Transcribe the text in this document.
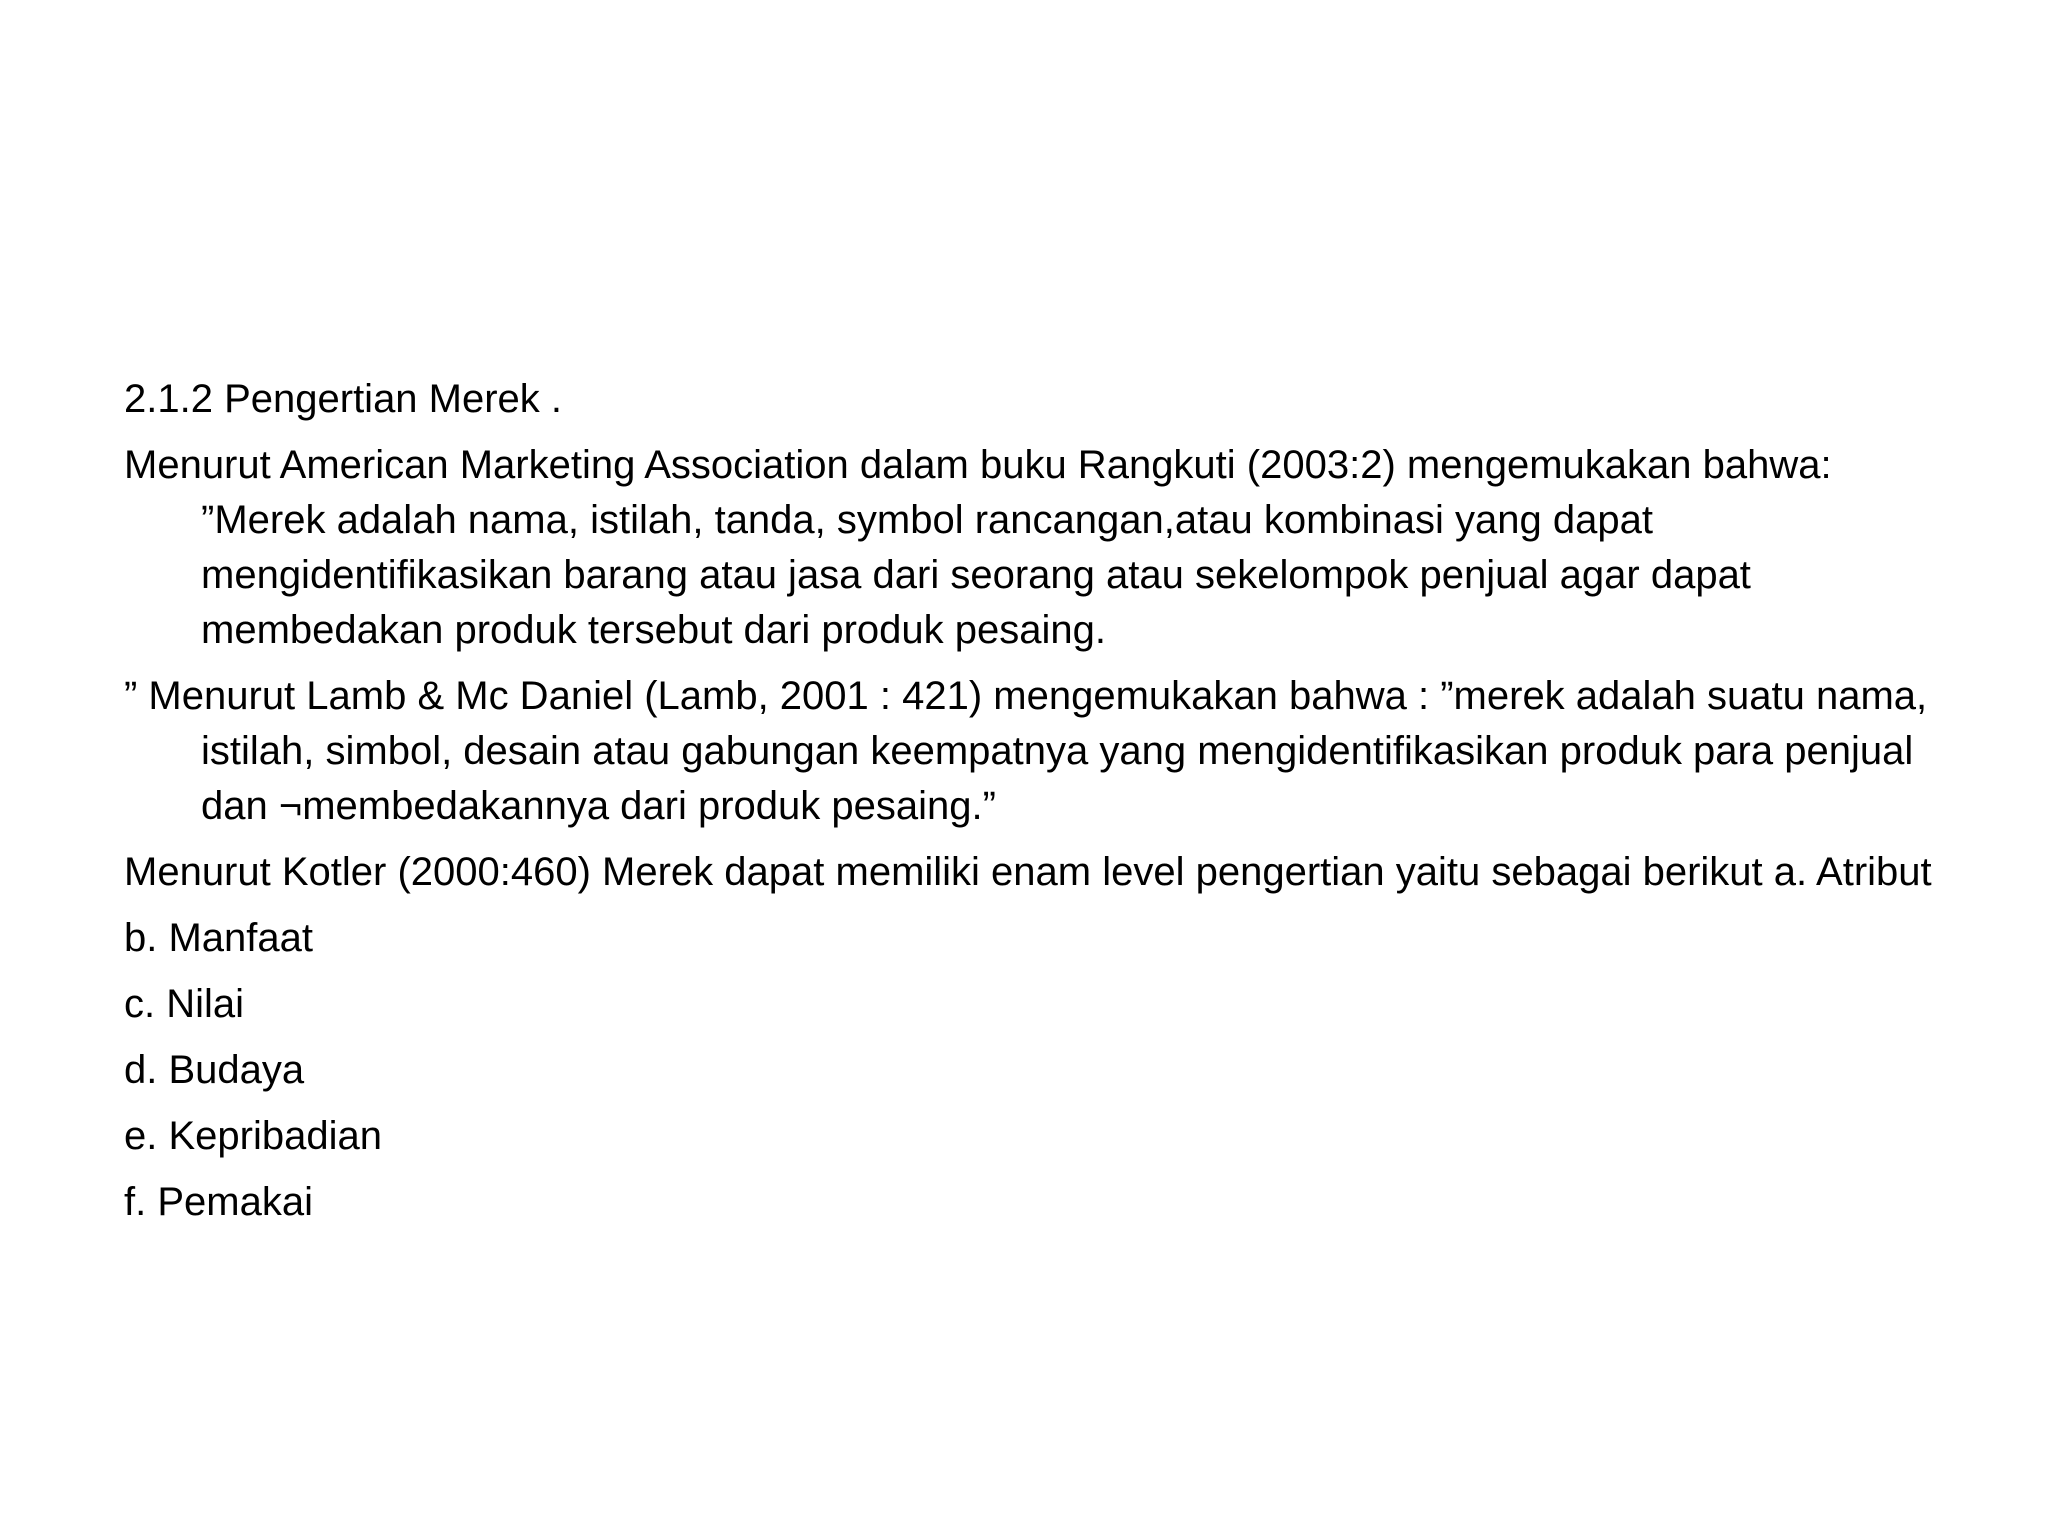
2.1.2 Pengertian Merek .

Menurut American Marketing Association dalam buku Rangkuti (2003:2) mengemukakan bahwa: ”Merek adalah nama, istilah, tanda, symbol rancangan,atau kombinasi yang dapat mengidentifikasikan barang atau jasa dari seorang atau sekelompok penjual agar dapat membedakan produk tersebut dari produk pesaing.

” Menurut Lamb & Mc Daniel (Lamb, 2001 : 421) mengemukakan bahwa : ”merek adalah suatu nama, istilah, simbol, desain atau gabungan keempatnya yang mengidentifikasikan produk para penjual dan ¬membedakannya dari produk pesaing.”

Menurut Kotler (2000:460) Merek dapat memiliki enam level pengertian yaitu sebagai berikut a. Atribut

b. Manfaat

c. Nilai

d. Budaya

e. Kepribadian

f. Pemakai
